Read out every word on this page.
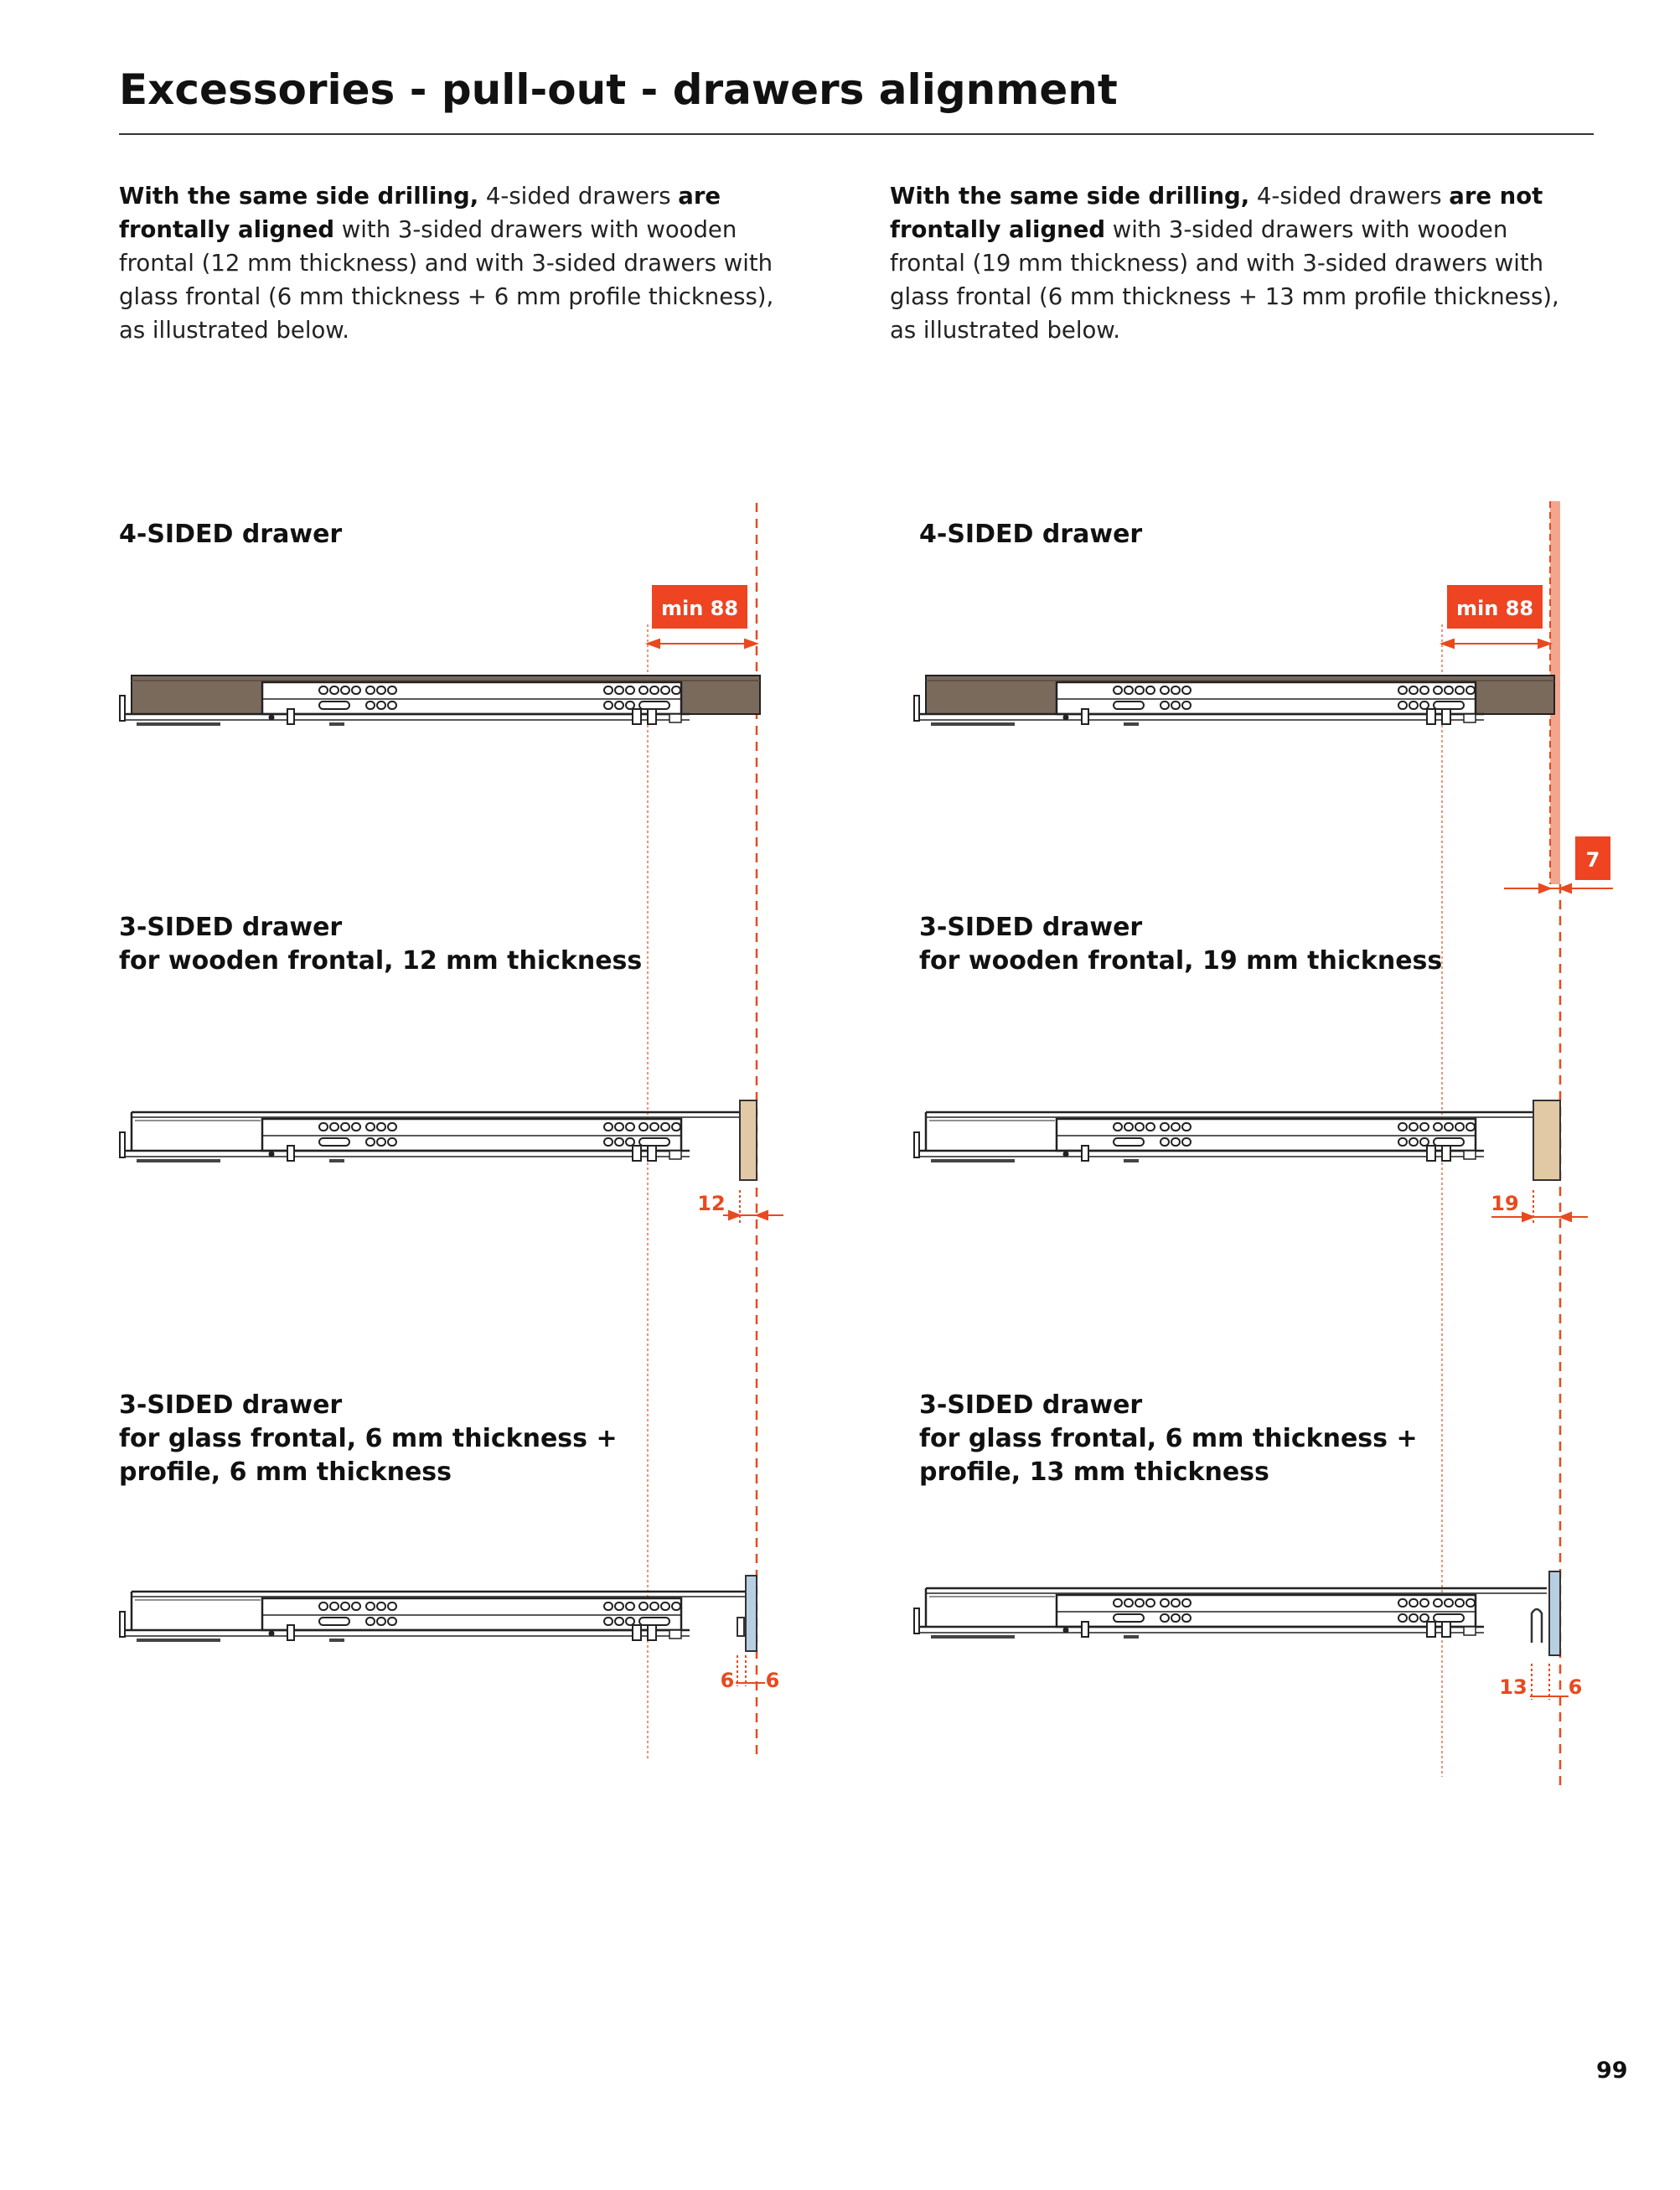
Excessories - pull-out - drawers alignment

With the same side drilling, 4-sided drawers are frontally aligned with 3-sided drawers with wooden frontal (12 mm thickness) and with 3-sided drawers with glass frontal (6 mm thickness + 6 mm profile thickness), as illustrated below.

With the same side drilling, 4-sided drawers are not frontally aligned with 3-sided drawers with wooden frontal (19 mm thickness) and with 3-sided drawers with glass frontal (6 mm thickness + 13 mm profile thickness), as illustrated below.

4-SIDED drawer
3-SIDED drawer
for wooden frontal, 12 mm thickness
3-SIDED drawer
for glass frontal, 6 mm thickness +
profile, 6 mm thickness
4-SIDED drawer
3-SIDED drawer
for wooden frontal, 19 mm thickness
3-SIDED drawer
for glass frontal, 6 mm thickness +
profile, 13 mm thickness
min 88
12
6 6
min 88
7
19
13 6
99
